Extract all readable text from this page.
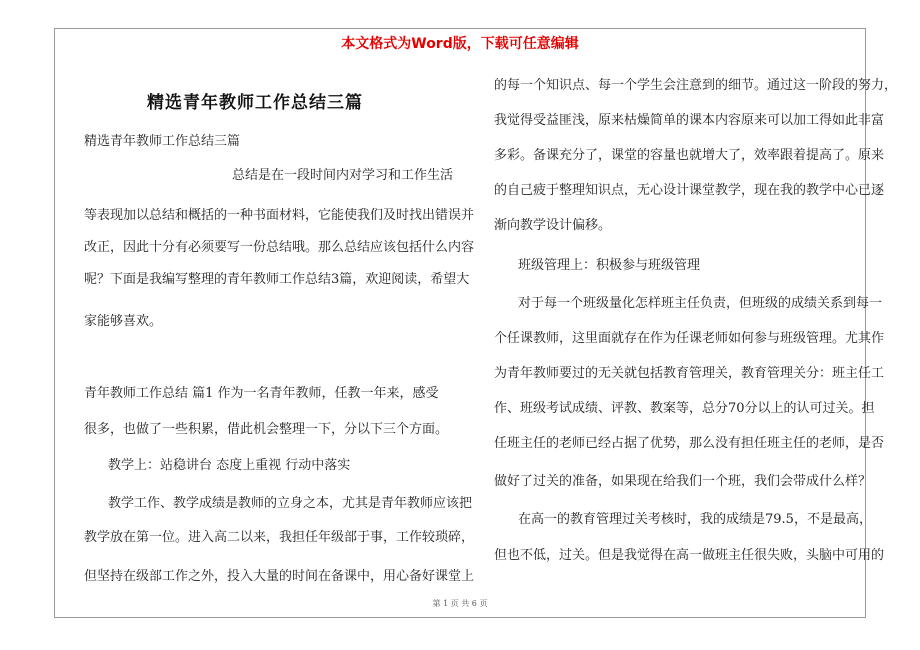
本文格式为Word版，下载可任意编辑
精选青年教师工作总结三篇
精选青年教师工作总结三篇
总结是在一段时间内对学习和工作生活
等表现加以总结和概括的一种书面材料，它能使我们及时找出错误并
改正，因此十分有必须要写一份总结哦。那么总结应该包括什么内容
呢？下面是我编写整理的青年教师工作总结3篇，欢迎阅读，希望大
家能够喜欢。
青年教师工作总结 篇1 作为一名青年教师，任教一年来，感受
很多，也做了一些积累，借此机会整理一下，分以下三个方面。
教学上：站稳讲台 态度上重视 行动中落实
教学工作、教学成绩是教师的立身之本，尤其是青年教师应该把
教学放在第一位。进入高二以来，我担任年级部于事，工作较琐碎，
但坚持在级部工作之外，投入大量的时间在备课中，用心备好课堂上
的每一个知识点、每一个学生会注意到的细节。通过这一阶段的努力，
我觉得受益匪浅，原来枯燥简单的课本内容原来可以加工得如此非富
多彩。备课充分了，课堂的容量也就增大了，效率跟着提高了。原来
的自己疲于整理知识点，无心设计课堂教学，现在我的教学中心已逐
渐向教学设计偏移。
班级管理上：积极参与班级管理
对于每一个班级量化怎样班主任负责，但班级的成绩关系到每一
个任课教师，这里面就存在作为任课老师如何参与班级管理。尤其作
为青年教师要过的无关就包括教育管理关，教育管理关分：班主任工
作、班级考试成绩、评教、教案等，总分70分以上的认可过关。担
任班主任的老师已经占据了优势，那么没有担任班主任的老师，是否
做好了过关的准备，如果现在给我们一个班，我们会带成什么样？
在高一的教育管理过关考核时，我的成绩是79.5，不是最高，
但也不低，过关。但是我觉得在高一做班主任很失败，头脑中可用的
第 1 页 共 6 页
